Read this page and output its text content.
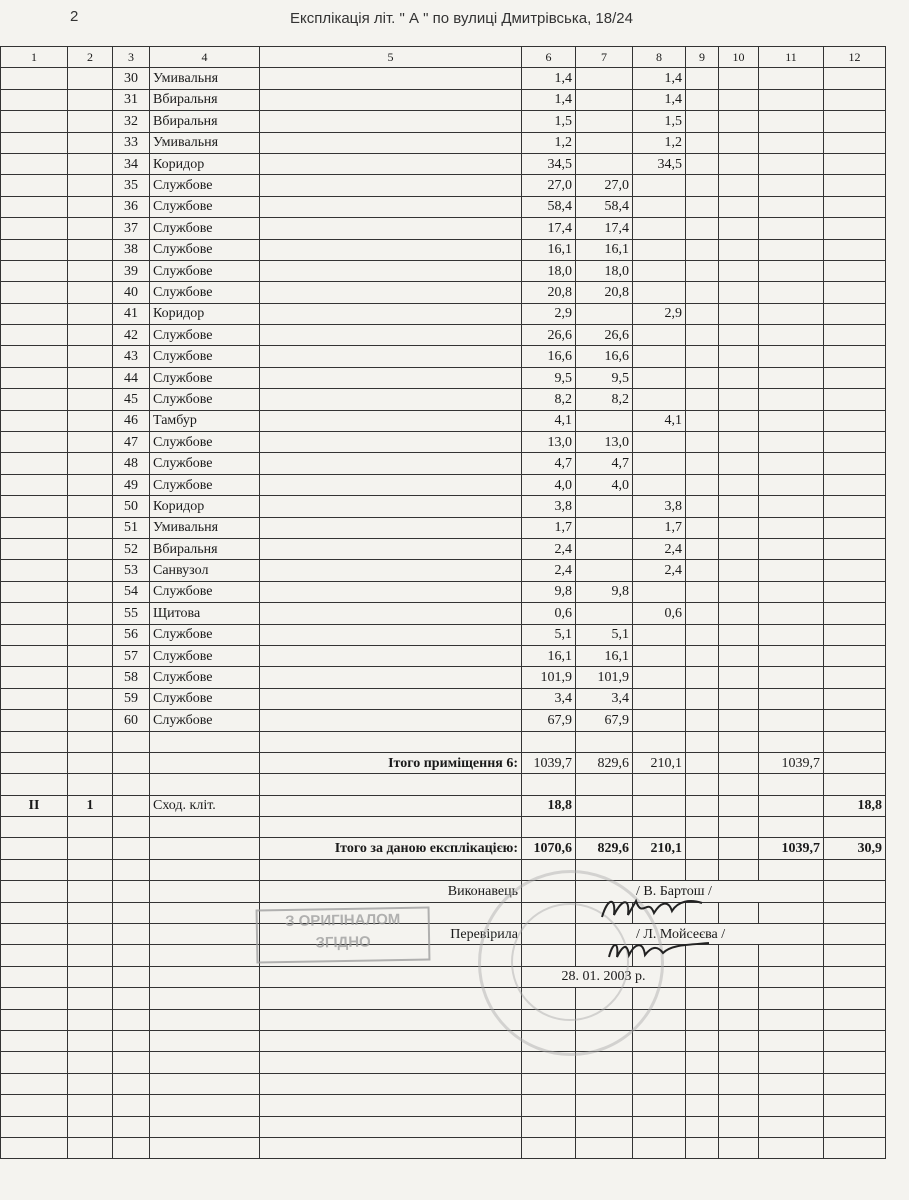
2	Експлікація літ. " А " по вулиці Дмитрівська, 18/24
1	2	3	4	5	6	7	8	9	10	11	12
		30	Умивальня		1,4		1,4				
		31	Вбиральня		1,4		1,4				
		32	Вбиральня		1,5		1,5				
		33	Умивальня		1,2		1,2				
		34	Коридор		34,5		34,5				
		35	Службове		27,0	27,0					
		36	Службове		58,4	58,4					
		37	Службове		17,4	17,4					
		38	Службове		16,1	16,1					
		39	Службове		18,0	18,0					
		40	Службове		20,8	20,8					
		41	Коридор		2,9		2,9				
		42	Службове		26,6	26,6					
		43	Службове		16,6	16,6					
		44	Службове		9,5	9,5					
		45	Службове		8,2	8,2					
		46	Тамбур		4,1		4,1				
		47	Службове		13,0	13,0					
		48	Службове		4,7	4,7					
		49	Службове		4,0	4,0					
		50	Коридор		3,8		3,8				
		51	Умивальня		1,7		1,7				
		52	Вбиральня		2,4		2,4				
		53	Санвузол		2,4		2,4				
		54	Службове		9,8	9,8					
		55	Щитова		0,6		0,6				
		56	Службове		5,1	5,1					
		57	Службове		16,1	16,1					
		58	Службове		101,9	101,9					
		59	Службове		3,4	3,4					
		60	Службове		67,9	67,9					

				Ітого приміщення 6:	1039,7	829,6	210,1			1039,7	

II	1		Сход. кліт.		18,8						18,8

				Ітого за даною експлікацією:	1070,6	829,6	210,1			1039,7	30,9

				Виконавець		/ В. Бартош /					

				Перевірила		/ Л. Мойсеєва /					

					28. 01. 2003 р.						

З ОРИГІНАЛОМ
ЗГІДНО
